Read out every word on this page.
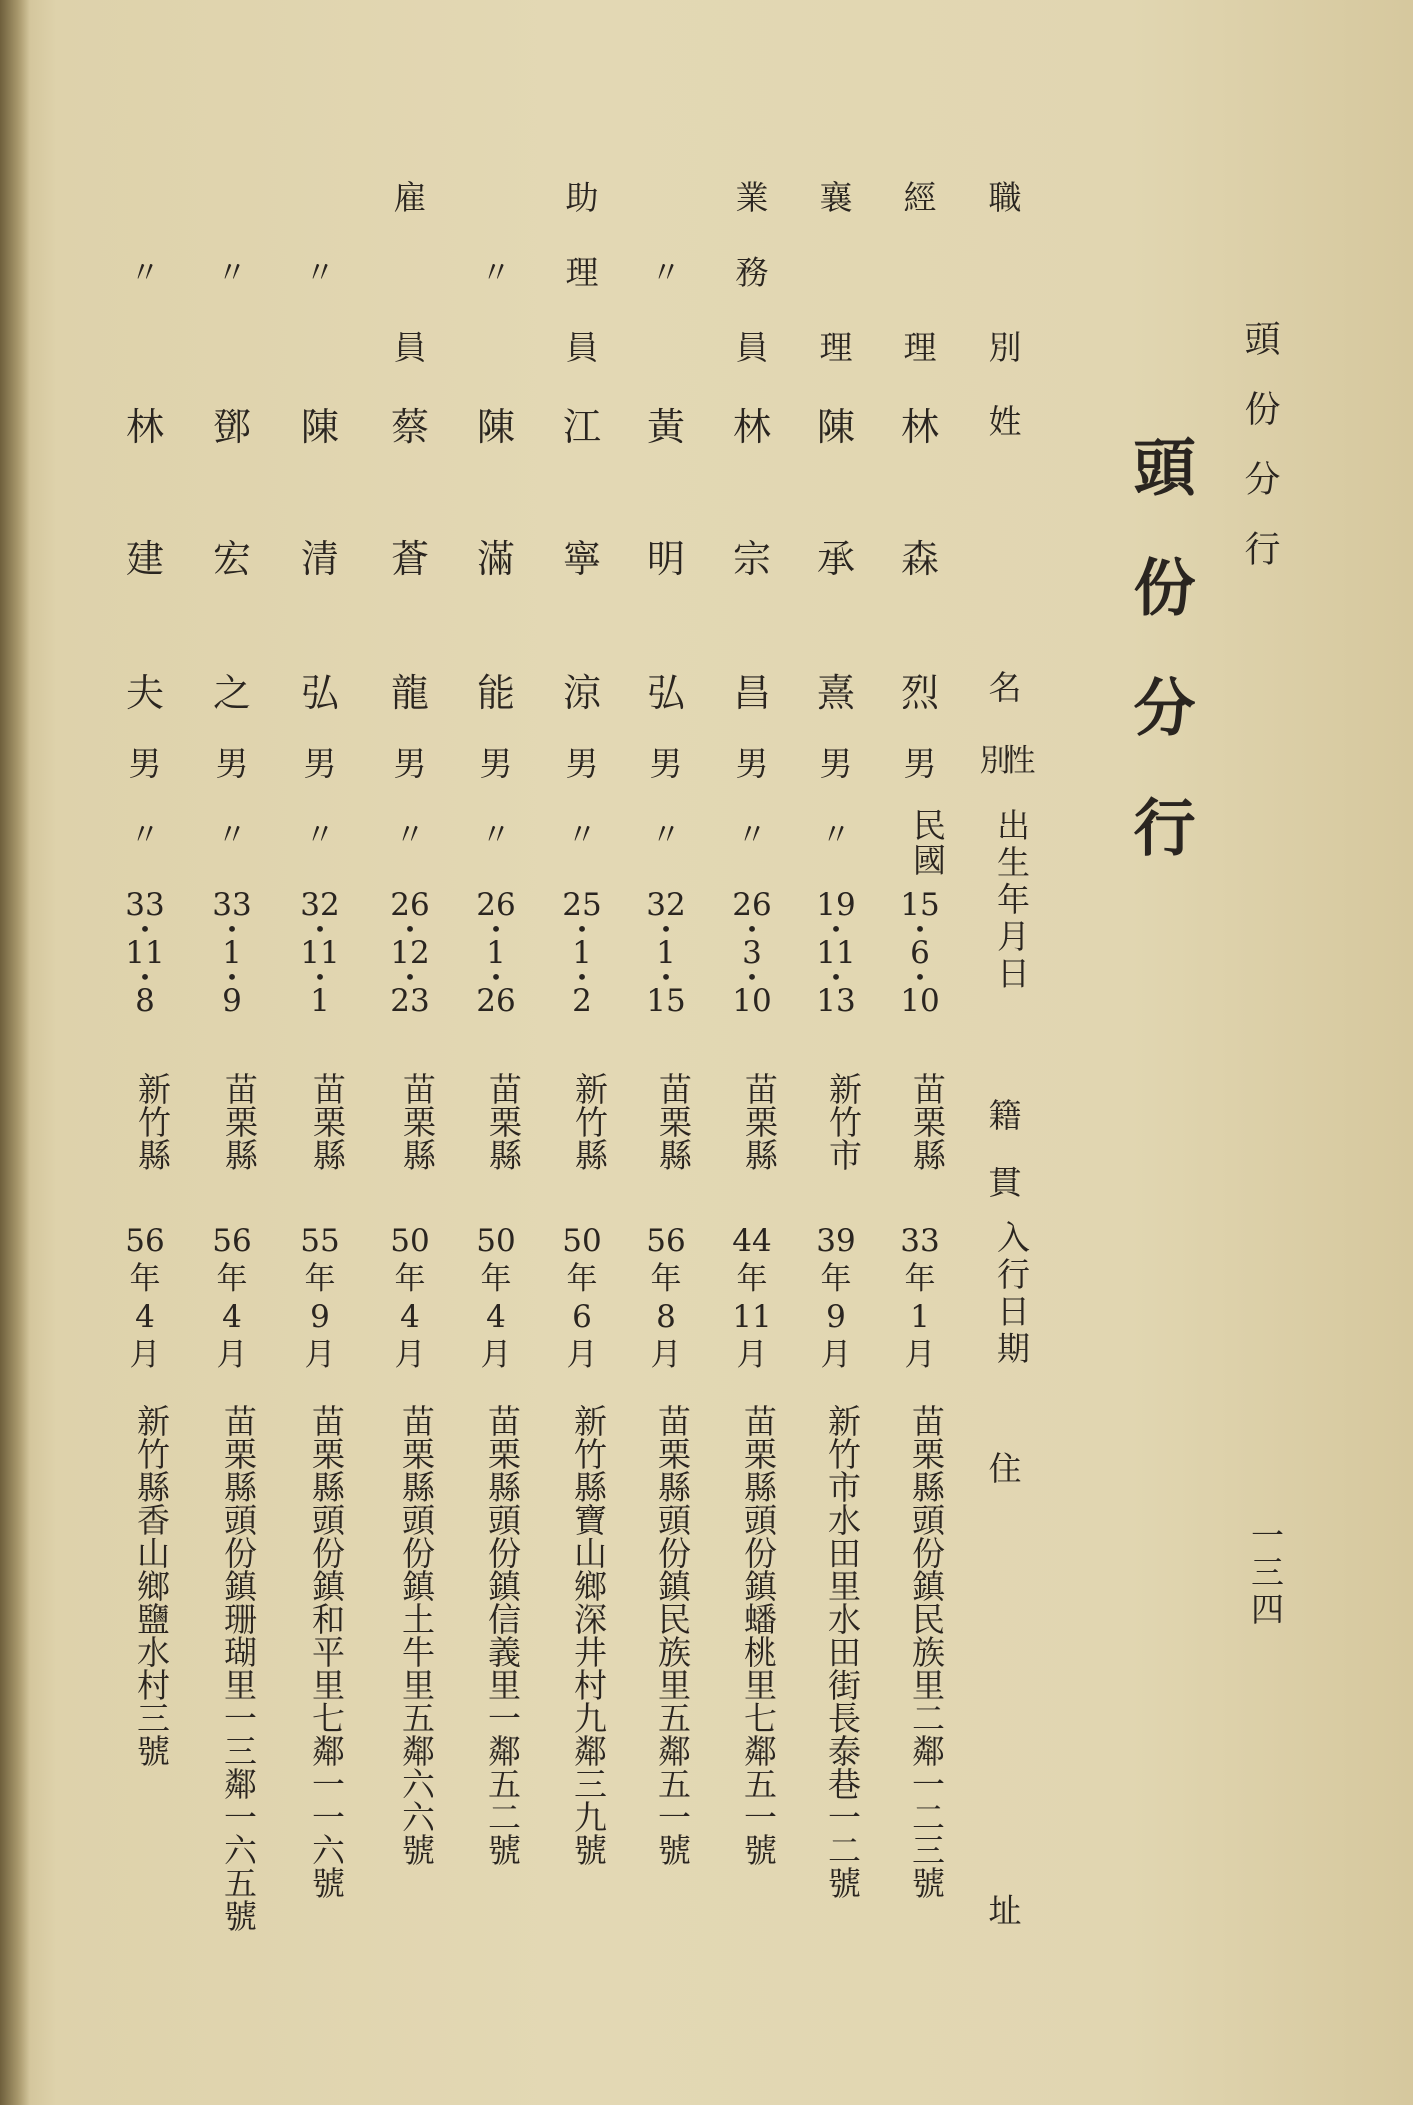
頭份分行
一三四
頭份分行
職
別
姓
名
性
別
出生年月日
籍
貫
入行日期
住
址
經
理
林
森
烈
男
民國
15
•
6
•
10
苗栗縣
33
年
1
月
苗栗縣頭份鎮民族里二鄰一二三號
襄
理
陳
承
熹
男
〃
19
•
11
•
13
新竹市
39
年
9
月
新竹市水田里水田街長泰巷一二號
業
務
員
林
宗
昌
男
〃
26
•
3
•
10
苗栗縣
44
年
11
月
苗栗縣頭份鎮蟠桃里七鄰五一號
〃
黃
明
弘
男
〃
32
•
1
•
15
苗栗縣
56
年
8
月
苗栗縣頭份鎮民族里五鄰五一號
助
理
員
江
寧
涼
男
〃
25
•
1
•
2
新竹縣
50
年
6
月
新竹縣寶山鄉深井村九鄰三九號
〃
陳
滿
能
男
〃
26
•
1
•
26
苗栗縣
50
年
4
月
苗栗縣頭份鎮信義里一鄰五二號
雇
員
蔡
蒼
龍
男
〃
26
•
12
•
23
苗栗縣
50
年
4
月
苗栗縣頭份鎮土牛里五鄰六六號
〃
陳
清
弘
男
〃
32
•
11
•
1
苗栗縣
55
年
9
月
苗栗縣頭份鎮和平里七鄰一一六號
〃
鄧
宏
之
男
〃
33
•
1
•
9
苗栗縣
56
年
4
月
苗栗縣頭份鎮珊瑚里一三鄰一六五號
〃
林
建
夫
男
〃
33
•
11
•
8
新竹縣
56
年
4
月
新竹縣香山鄉鹽水村三號
